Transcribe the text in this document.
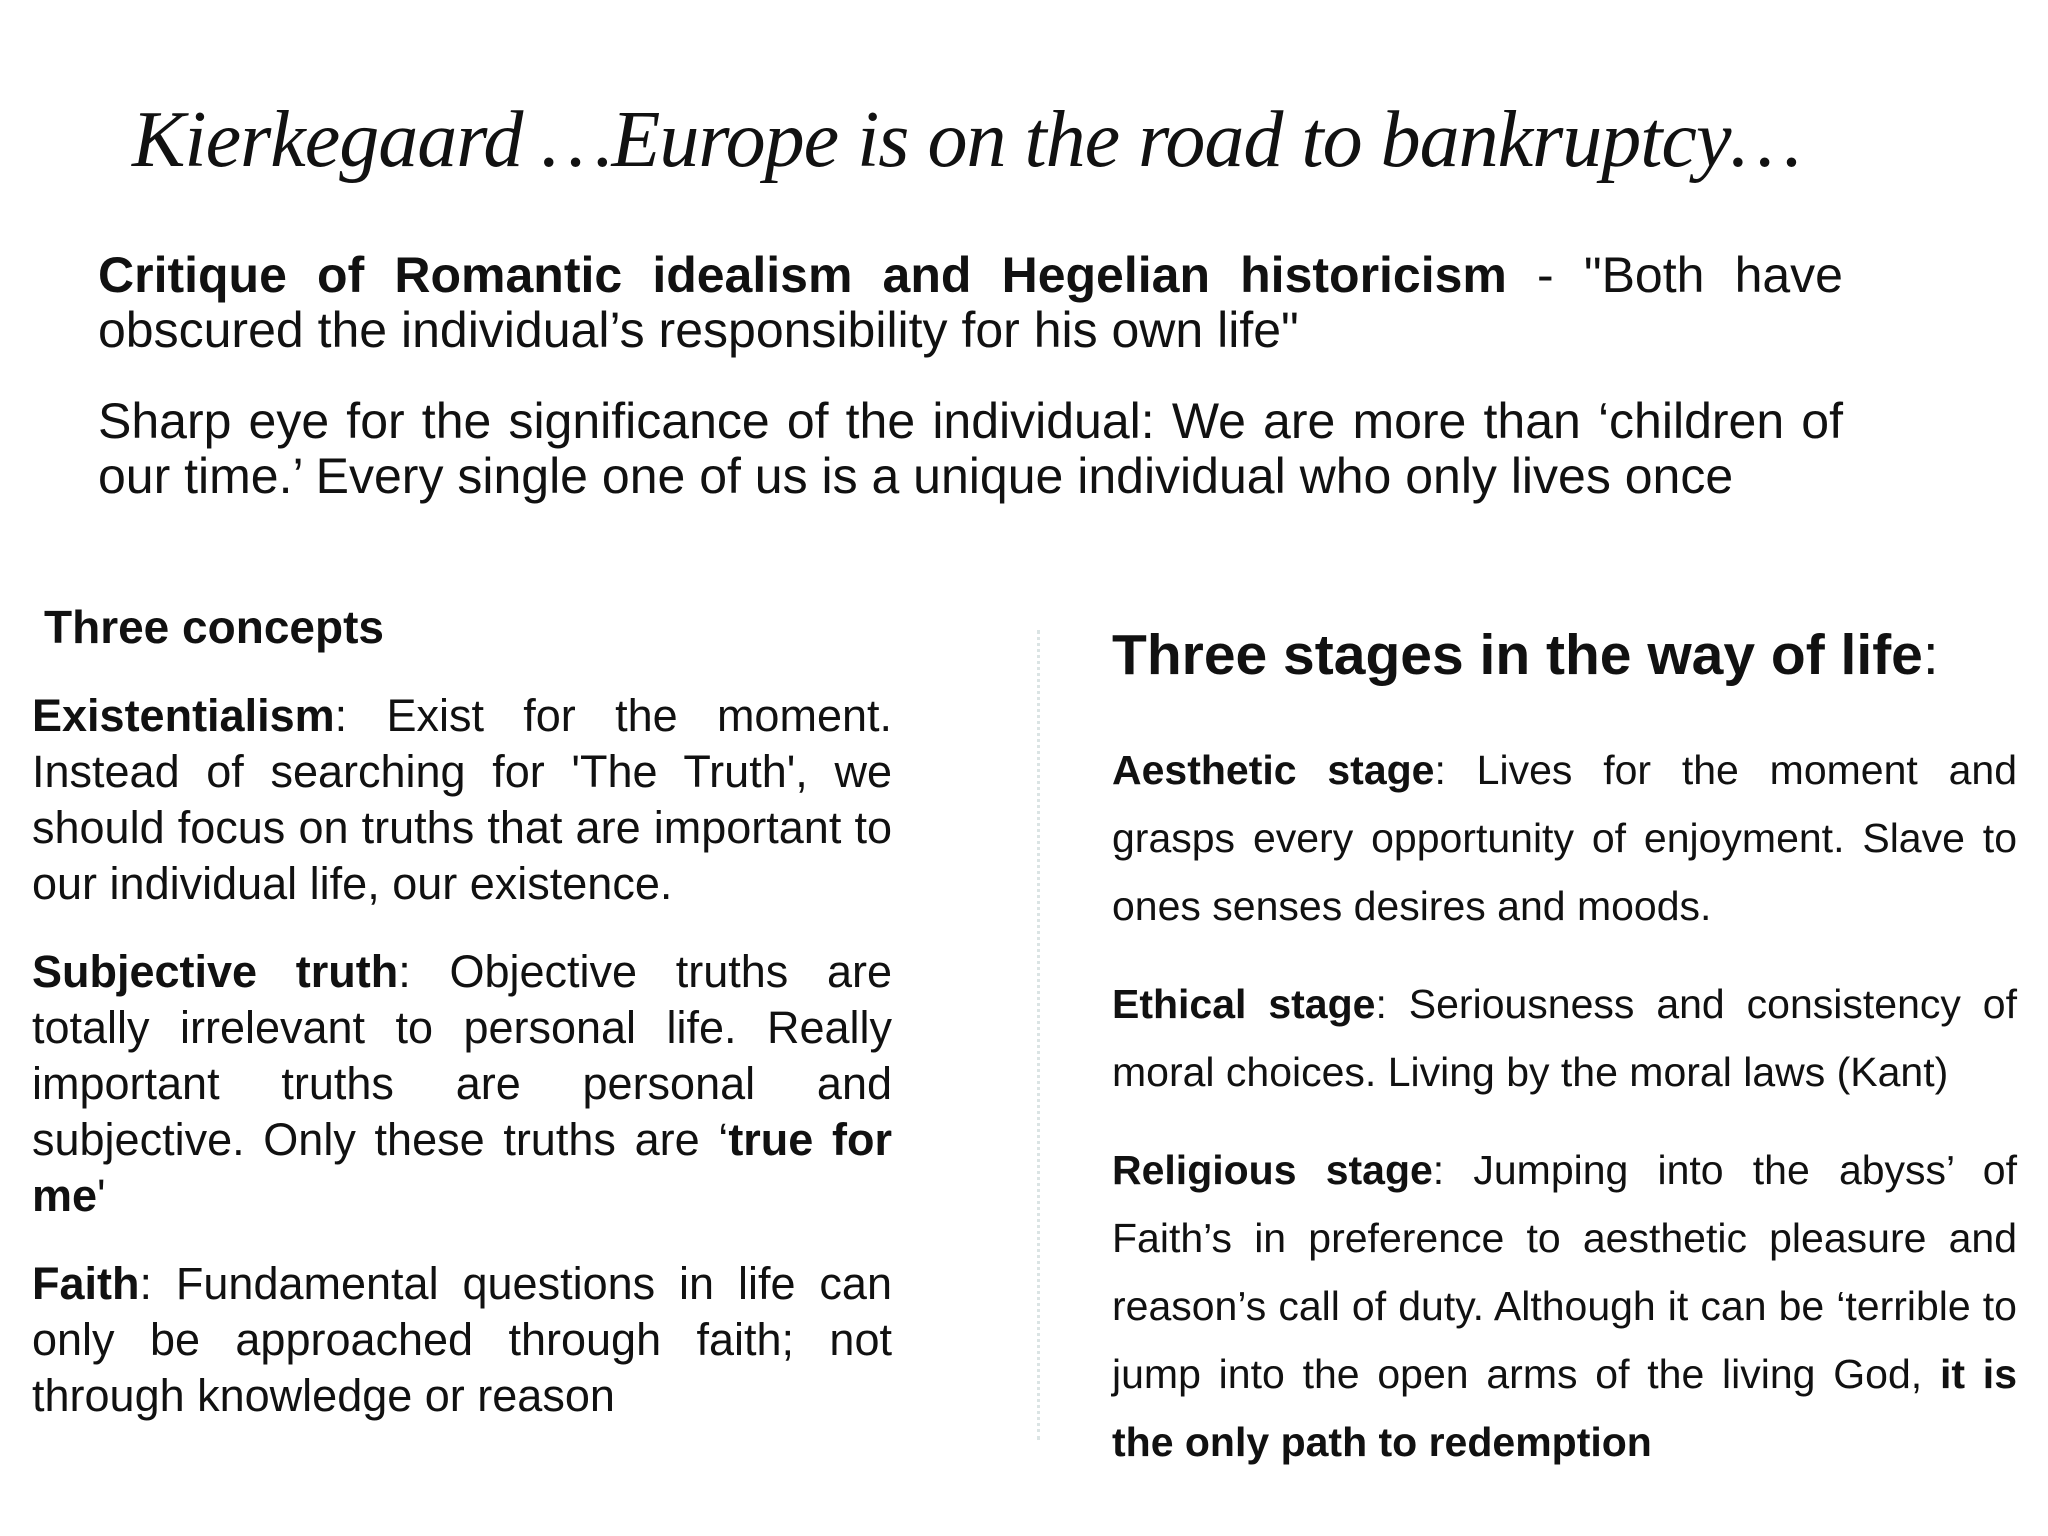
Kierkegaard …Europe is on the road to bankruptcy…

Critique of Romantic idealism and Hegelian historicism - "Both have obscured the individual’s responsibility for his own life"

Sharp eye for the significance of the individual: We are more than ‘children of our time.’ Every single one of us is a unique individual who only lives once

Three concepts

Existentialism: Exist for the moment. Instead of searching for 'The Truth', we should focus on truths that are important to our individual life, our existence.

Subjective truth: Objective truths are totally irrelevant to personal life. Really important truths are personal and subjective. Only these truths are ‘true for me'

Faith: Fundamental questions in life can only be approached through faith; not through knowledge or reason

Three stages in the way of life:

Aesthetic stage: Lives for the moment and grasps every opportunity of enjoyment. Slave to ones senses desires and moods.

Ethical stage: Seriousness and consistency of moral choices. Living by the moral laws (Kant)

Religious stage: Jumping into the abyss’ of Faith’s in preference to aesthetic pleasure and reason’s call of duty. Although it can be ‘terrible to jump into the open arms of the living God, it is the only path to redemption
